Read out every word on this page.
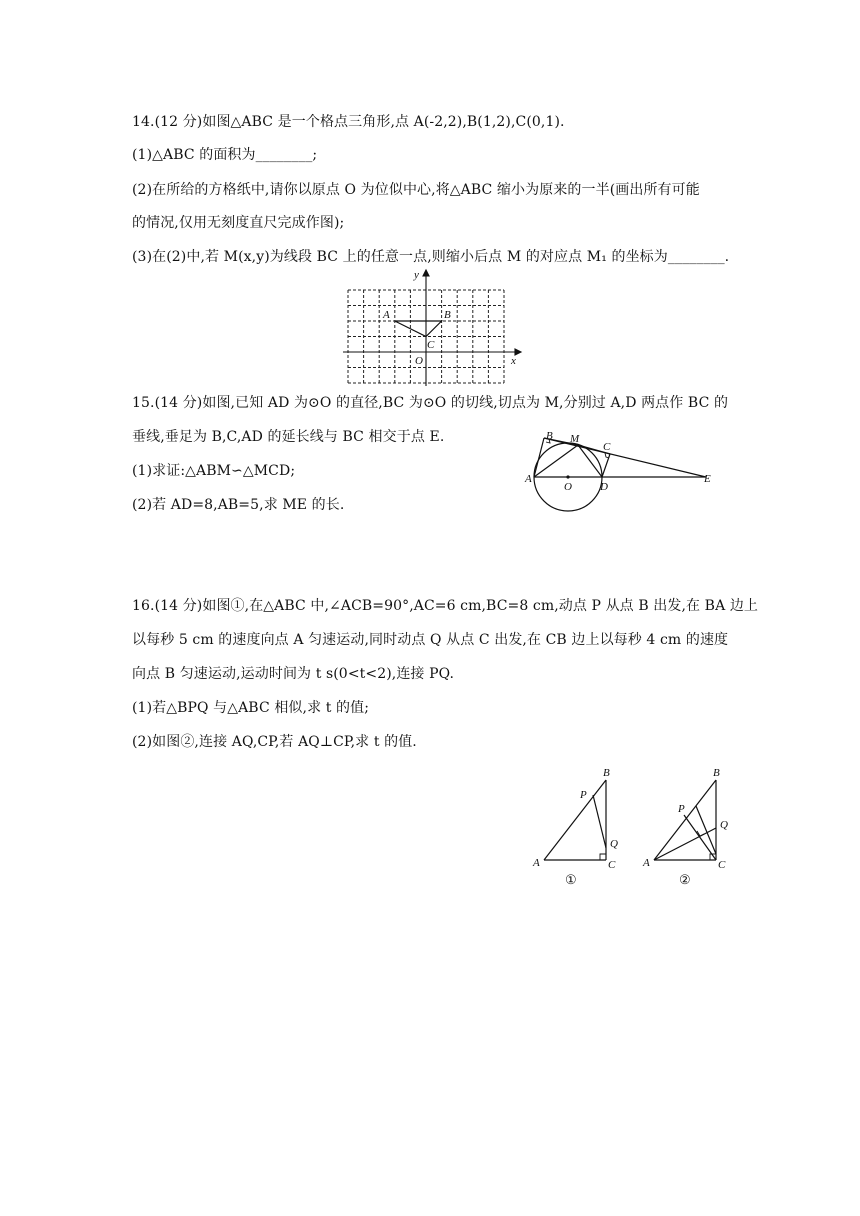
14.(12 分)如图△ABC 是一个格点三角形,点 A(-2,2),B(1,2),C(0,1).
(1)△ABC 的面积为________;
(2)在所给的方格纸中,请你以原点 O 为位似中心,将△ABC 缩小为原来的一半(画出所有可能
的情况,仅用无刻度直尺完成作图);
(3)在(2)中,若 M(x,y)为线段 BC 上的任意一点,则缩小后点 M 的对应点 M₁ 的坐标为________.
y
x
A	B
C
O
15.(14 分)如图,已知 AD 为⊙O 的直径,BC 为⊙O 的切线,切点为 M,分别过 A,D 两点作 BC 的
垂线,垂足为 B,C,AD 的延长线与 BC 相交于点 E.
(1)求证:△ABM∽△MCD;
(2)若 AD=8,AB=5,求 ME 的长.
B M
C
A
O	D
E
16.(14 分)如图①,在△ABC 中,∠ACB=90°,AC=6 cm,BC=8 cm,动点 P 从点 B 出发,在 BA 边上
以每秒 5 cm 的速度向点 A 匀速运动,同时动点 Q 从点 C 出发,在 CB 边上以每秒 4 cm 的速度
向点 B 匀速运动,运动时间为 t s(0<t<2),连接 PQ.
(1)若△BPQ 与△ABC 相似,求 t 的值;
(2)如图②,连接 AQ,CP,若 AQ⊥CP,求 t 的值.
B
P
Q
A	C
①
B
P
Q
A	C
②
